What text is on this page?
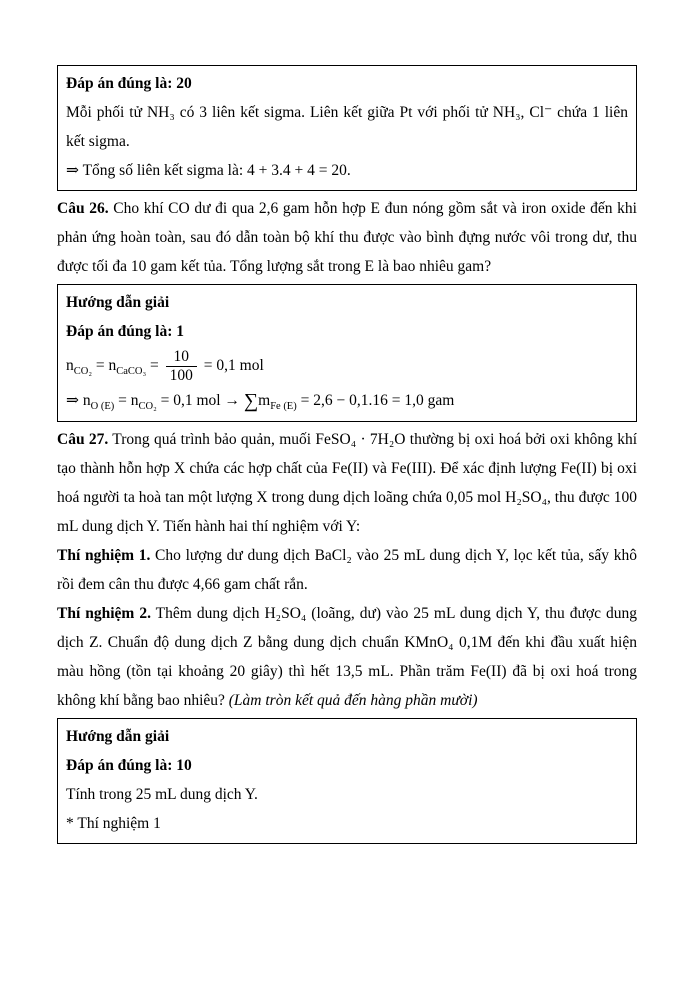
Đáp án đúng là: 20

Mỗi phối tử NH₃ có 3 liên kết sigma. Liên kết giữa Pt với phối tử NH₃, Cl⁻ chứa 1 liên kết sigma.

⇒ Tổng số liên kết sigma là: 4 + 3.4 + 4 = 20.

Câu 26. Cho khí CO dư đi qua 2,6 gam hỗn hợp E đun nóng gồm sắt và iron oxide đến khi phản ứng hoàn toàn, sau đó dẫn toàn bộ khí thu được vào bình đựng nước vôi trong dư, thu được tối đa 10 gam kết tủa. Tổng lượng sắt trong E là bao nhiêu gam?

Hướng dẫn giải

Đáp án đúng là: 1

$n_{CO_2} = n_{CaCO_3} = \frac{10}{100} = 0,1$ mol

⇒ $n_{O (E)} = n_{CO_2} = 0,1$ mol → $\sum m_{Fe (E)} = 2,6 - 0,1.16 = 1,0$ gam

Câu 27. Trong quá trình bảo quản, muối FeSO₄ · 7H₂O thường bị oxi hoá bởi oxi không khí tạo thành hỗn hợp X chứa các hợp chất của Fe(II) và Fe(III). Để xác định lượng Fe(II) bị oxi hoá người ta hoà tan một lượng X trong dung dịch loãng chứa 0,05 mol H₂SO₄, thu được 100 mL dung dịch Y. Tiến hành hai thí nghiệm với Y:

Thí nghiệm 1. Cho lượng dư dung dịch BaCl₂ vào 25 mL dung dịch Y, lọc kết tủa, sấy khô rồi đem cân thu được 4,66 gam chất rắn.

Thí nghiệm 2. Thêm dung dịch H₂SO₄ (loãng, dư) vào 25 mL dung dịch Y, thu được dung dịch Z. Chuẩn độ dung dịch Z bằng dung dịch chuẩn KMnO₄ 0,1M đến khi đầu xuất hiện màu hồng (tồn tại khoảng 20 giây) thì hết 13,5 mL. Phần trăm Fe(II) đã bị oxi hoá trong không khí bằng bao nhiêu? (Làm tròn kết quả đến hàng phần mười)

Hướng dẫn giải

Đáp án đúng là: 10

Tính trong 25 mL dung dịch Y.

* Thí nghiệm 1
